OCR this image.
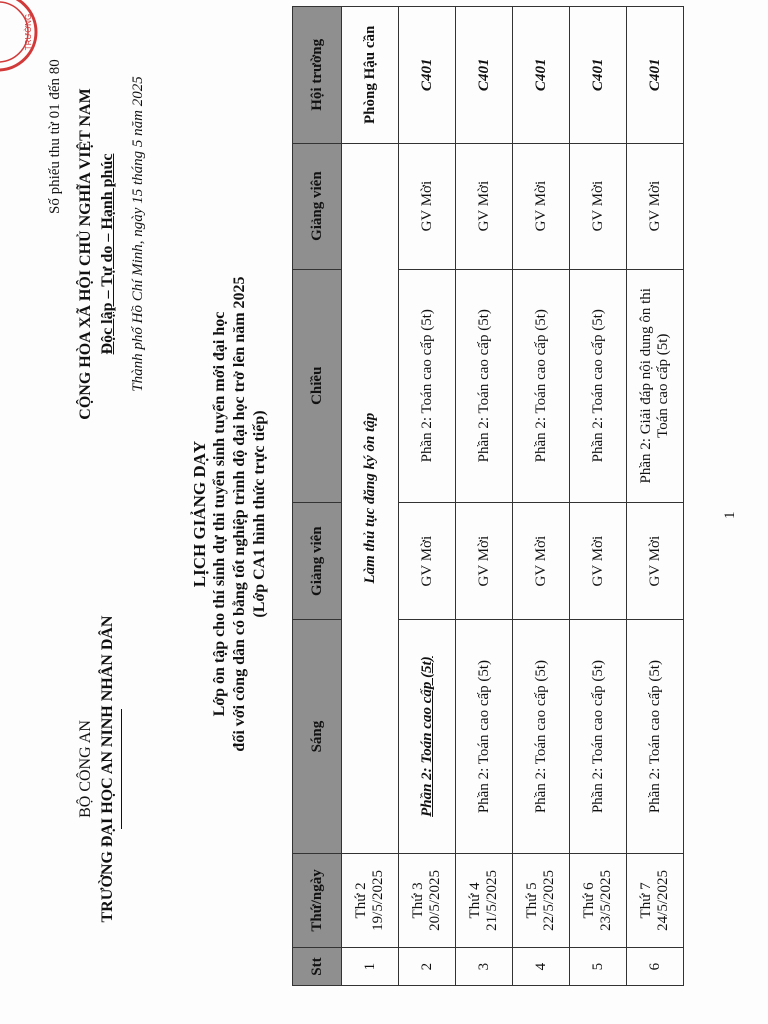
TRƯỜNG
Số phiếu thu từ 01 đến 80
BỘ CÔNG AN TRƯỜNG ĐẠI HỌC AN NINH NHÂN DÂN
CỘNG HÒA XÃ HỘI CHỦ NGHĨA VIỆT NAM Độc lập – Tự do – Hạnh phúc Thành phố Hồ Chí Minh, ngày 15 tháng 5 năm 2025
LỊCH GIẢNG DẠY Lớp ôn tập cho thí sinh dự thi tuyển sinh tuyển mới đại học đối với công dân có bằng tốt nghiệp trình độ đại học trở lên năm 2025 (Lớp CA1 hình thức trực tiếp)
Stt	Thứ/ngày	Sáng	Giảng viên	Chiều	Giảng viên	Hội trường
1	Thứ 2 19/5/2025	Làm thủ tục đăng ký ôn tập				Phòng Hậu cần
2	Thứ 3 20/5/2025	Phần 2: Toán cao cấp (5t)	GV Mời	Phần 2: Toán cao cấp (5t)	GV Mời	C401
3	Thứ 4 21/5/2025	Phần 2: Toán cao cấp (5t)	GV Mời	Phần 2: Toán cao cấp (5t)	GV Mời	C401
4	Thứ 5 22/5/2025	Phần 2: Toán cao cấp (5t)	GV Mời	Phần 2: Toán cao cấp (5t)	GV Mời	C401
5	Thứ 6 23/5/2025	Phần 2: Toán cao cấp (5t)	GV Mời	Phần 2: Toán cao cấp (5t)	GV Mời	C401
6	Thứ 7 24/5/2025	Phần 2: Toán cao cấp (5t)	GV Mời	Phần 2: Giải đáp nội dung ôn thi Toán cao cấp (5t)	GV Mời	C401
1
